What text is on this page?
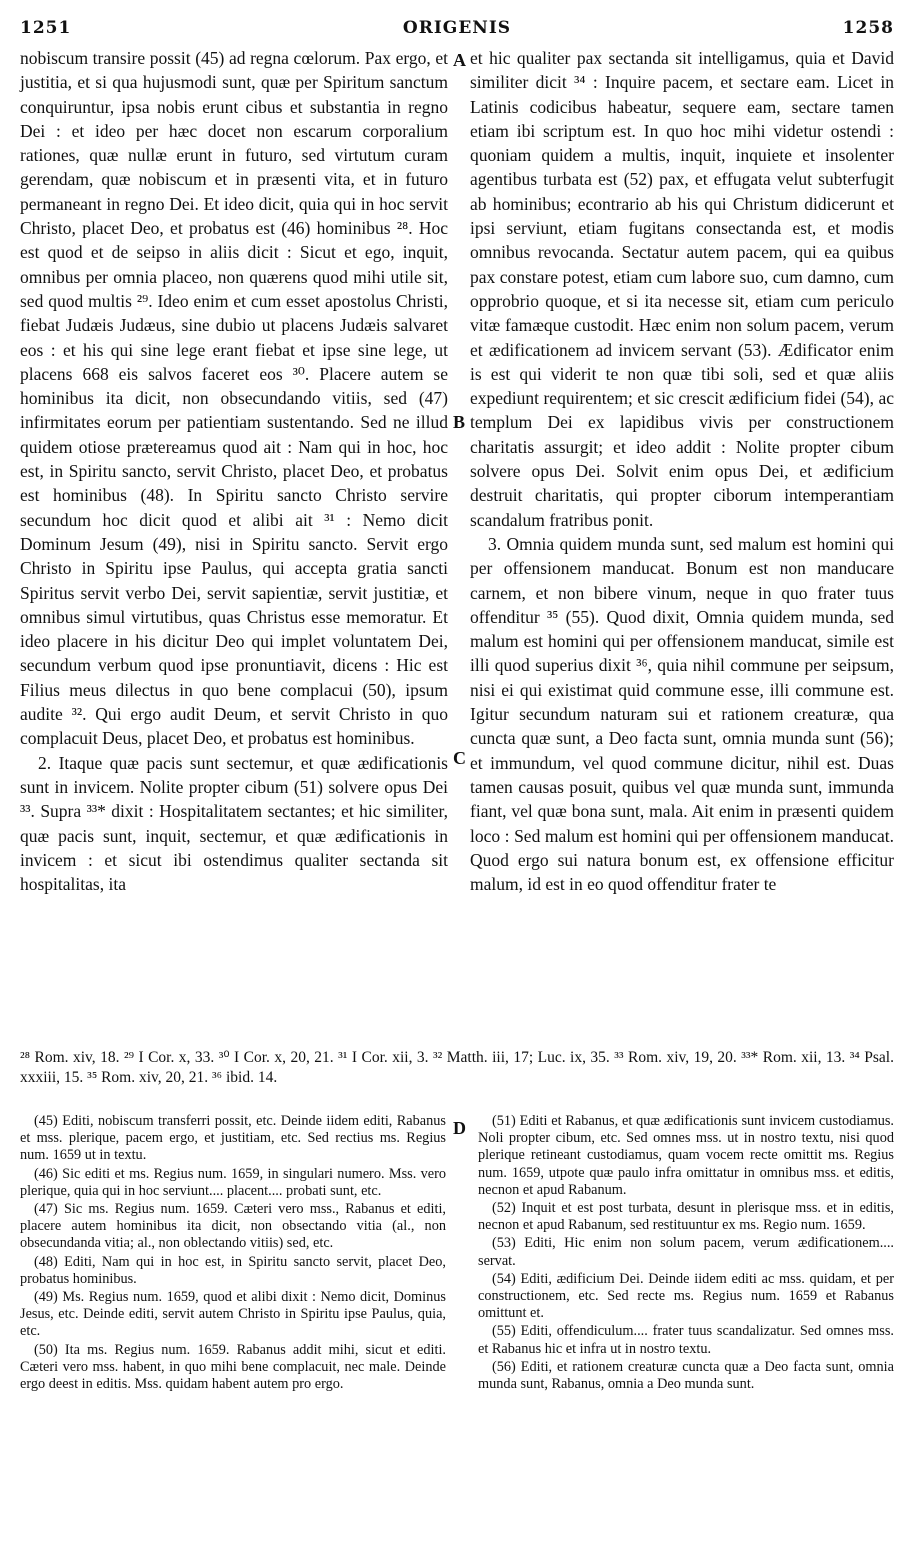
1251	ORIGENIS	1258
A
B
C
D

nobiscum transire possit (45) ad regna cœlorum. Pax ergo, et justitia, et si qua hujusmodi sunt, quæ per Spiritum sanctum conquiruntur, ipsa nobis erunt cibus et substantia in regno Dei : et ideo per hæc docet non escarum corporalium rationes, quæ nullæ erunt in futuro, sed virtutum curam gerendam, quæ nobiscum et in præsenti vita, et in futuro permaneant in regno Dei. Et ideo dicit, quia qui in hoc servit Christo, placet Deo, et probatus est (46) hominibus ²⁸. Hoc est quod et de seipso in aliis dicit : Sicut et ego, inquit, omnibus per omnia placeo, non quærens quod mihi utile sit, sed quod multis ²⁹. Ideo enim et cum esset apostolus Christi, fiebat Judæis Judæus, sine dubio ut placens Judæis salvaret eos : et his qui sine lege erant fiebat et ipse sine lege, ut placens 668 eis salvos faceret eos ³⁰. Placere autem se hominibus ita dicit, non obsecundando vitiis, sed (47) infirmitates eorum per patientiam sustentando. Sed ne illud quidem otiose prætereamus quod ait : Nam qui in hoc, hoc est, in Spiritu sancto, servit Christo, placet Deo, et probatus est hominibus (48). In Spiritu sancto Christo servire secundum hoc dicit quod et alibi ait ³¹ : Nemo dicit Dominum Jesum (49), nisi in Spiritu sancto. Servit ergo Christo in Spiritu ipse Paulus, qui accepta gratia sancti Spiritus servit verbo Dei, servit sapientiæ, servit justitiæ, et omnibus simul virtutibus, quas Christus esse memoratur. Et ideo placere in his dicitur Deo qui implet voluntatem Dei, secundum verbum quod ipse pronuntiavit, dicens : Hic est Filius meus dilectus in quo bene complacui (50), ipsum audite ³². Qui ergo audit Deum, et servit Christo in quo complacuit Deus, placet Deo, et probatus est hominibus.

2. Itaque quæ pacis sunt sectemur, et quæ ædificationis sunt in invicem. Nolite propter cibum (51) solvere opus Dei ³³. Supra ³³* dixit : Hospitalitatem sectantes; et hic similiter, quæ pacis sunt, inquit, sectemur, et quæ ædificationis in invicem : et sicut ibi ostendimus qualiter sectanda sit hospitalitas, ita

et hic qualiter pax sectanda sit intelligamus, quia et David similiter dicit ³⁴ : Inquire pacem, et sectare eam. Licet in Latinis codicibus habeatur, sequere eam, sectare tamen etiam ibi scriptum est. In quo hoc mihi videtur ostendi : quoniam quidem a multis, inquit, inquiete et insolenter agentibus turbata est (52) pax, et effugata velut subterfugit ab hominibus; econtrario ab his qui Christum didicerunt et ipsi serviunt, etiam fugitans consectanda est, et modis omnibus revocanda. Sectatur autem pacem, qui ea quibus pax constare potest, etiam cum labore suo, cum damno, cum opprobrio quoque, et si ita necesse sit, etiam cum periculo vitæ famæque custodit. Hæc enim non solum pacem, verum et ædificationem ad invicem servant (53). Ædificator enim is est qui viderit te non quæ tibi soli, sed et quæ aliis expediunt requirentem; et sic crescit ædificium fidei (54), ac templum Dei ex lapidibus vivis per constructionem charitatis assurgit; et ideo addit : Nolite propter cibum solvere opus Dei. Solvit enim opus Dei, et ædificium destruit charitatis, qui propter ciborum intemperantiam scandalum fratribus ponit.

3. Omnia quidem munda sunt, sed malum est homini qui per offensionem manducat. Bonum est non manducare carnem, et non bibere vinum, neque in quo frater tuus offenditur ³⁵ (55). Quod dixit, Omnia quidem munda, sed malum est homini qui per offensionem manducat, simile est illi quod superius dixit ³⁶, quia nihil commune per seipsum, nisi ei qui existimat quid commune esse, illi commune est. Igitur secundum naturam sui et rationem creaturæ, qua cuncta quæ sunt, a Deo facta sunt, omnia munda sunt (56); et immundum, vel quod commune dicitur, nihil est. Duas tamen causas posuit, quibus vel quæ munda sunt, immunda fiant, vel quæ bona sunt, mala. Ait enim in præsenti quidem loco : Sed malum est homini qui per offensionem manducat. Quod ergo sui natura bonum est, ex offensione efficitur malum, id est in eo quod offenditur frater te

²⁸ Rom. xiv, 18. ²⁹ I Cor. x, 33. ³⁰ I Cor. x, 20, 21. ³¹ I Cor. xii, 3. ³² Matth. iii, 17; Luc. ix, 35. ³³ Rom. xiv, 19, 20. ³³* Rom. xii, 13. ³⁴ Psal. xxxiii, 15. ³⁵ Rom. xiv, 20, 21. ³⁶ ibid. 14.

(45) Editi, nobiscum transferri possit, etc. Deinde iidem editi, Rabanus et mss. plerique, pacem ergo, et justitiam, etc. Sed rectius ms. Regius num. 1659 ut in textu.

(46) Sic editi et ms. Regius num. 1659, in singulari numero. Mss. vero plerique, quia qui in hoc serviunt.... placent.... probati sunt, etc.

(47) Sic ms. Regius num. 1659. Cæteri vero mss., Rabanus et editi, placere autem hominibus ita dicit, non obsectando vitia (al., non obsecundanda vitia; al., non oblectando vitiis) sed, etc.

(48) Editi, Nam qui in hoc est, in Spiritu sancto servit, placet Deo, probatus hominibus.

(49) Ms. Regius num. 1659, quod et alibi dixit : Nemo dicit, Dominus Jesus, etc. Deinde editi, servit autem Christo in Spiritu ipse Paulus, quia, etc.

(50) Ita ms. Regius num. 1659. Rabanus addit mihi, sicut et editi. Cæteri vero mss. habent, in quo mihi bene complacuit, nec male. Deinde ergo deest in editis. Mss. quidam habent autem pro ergo.

(51) Editi et Rabanus, et quæ ædificationis sunt invicem custodiamus. Noli propter cibum, etc. Sed omnes mss. ut in nostro textu, nisi quod plerique retineant custodiamus, quam vocem recte omittit ms. Regius num. 1659, utpote quæ paulo infra omittatur in omnibus mss. et editis, necnon et apud Rabanum.

(52) Inquit et est post turbata, desunt in plerisque mss. et in editis, necnon et apud Rabanum, sed restituuntur ex ms. Regio num. 1659.

(53) Editi, Hic enim non solum pacem, verum ædificationem.... servat.

(54) Editi, ædificium Dei. Deinde iidem editi ac mss. quidam, et per constructionem, etc. Sed recte ms. Regius num. 1659 et Rabanus omittunt et.

(55) Editi, offendiculum.... frater tuus scandalizatur. Sed omnes mss. et Rabanus hic et infra ut in nostro textu.

(56) Editi, et rationem creaturæ cuncta quæ a Deo facta sunt, omnia munda sunt, Rabanus, omnia a Deo munda sunt.
